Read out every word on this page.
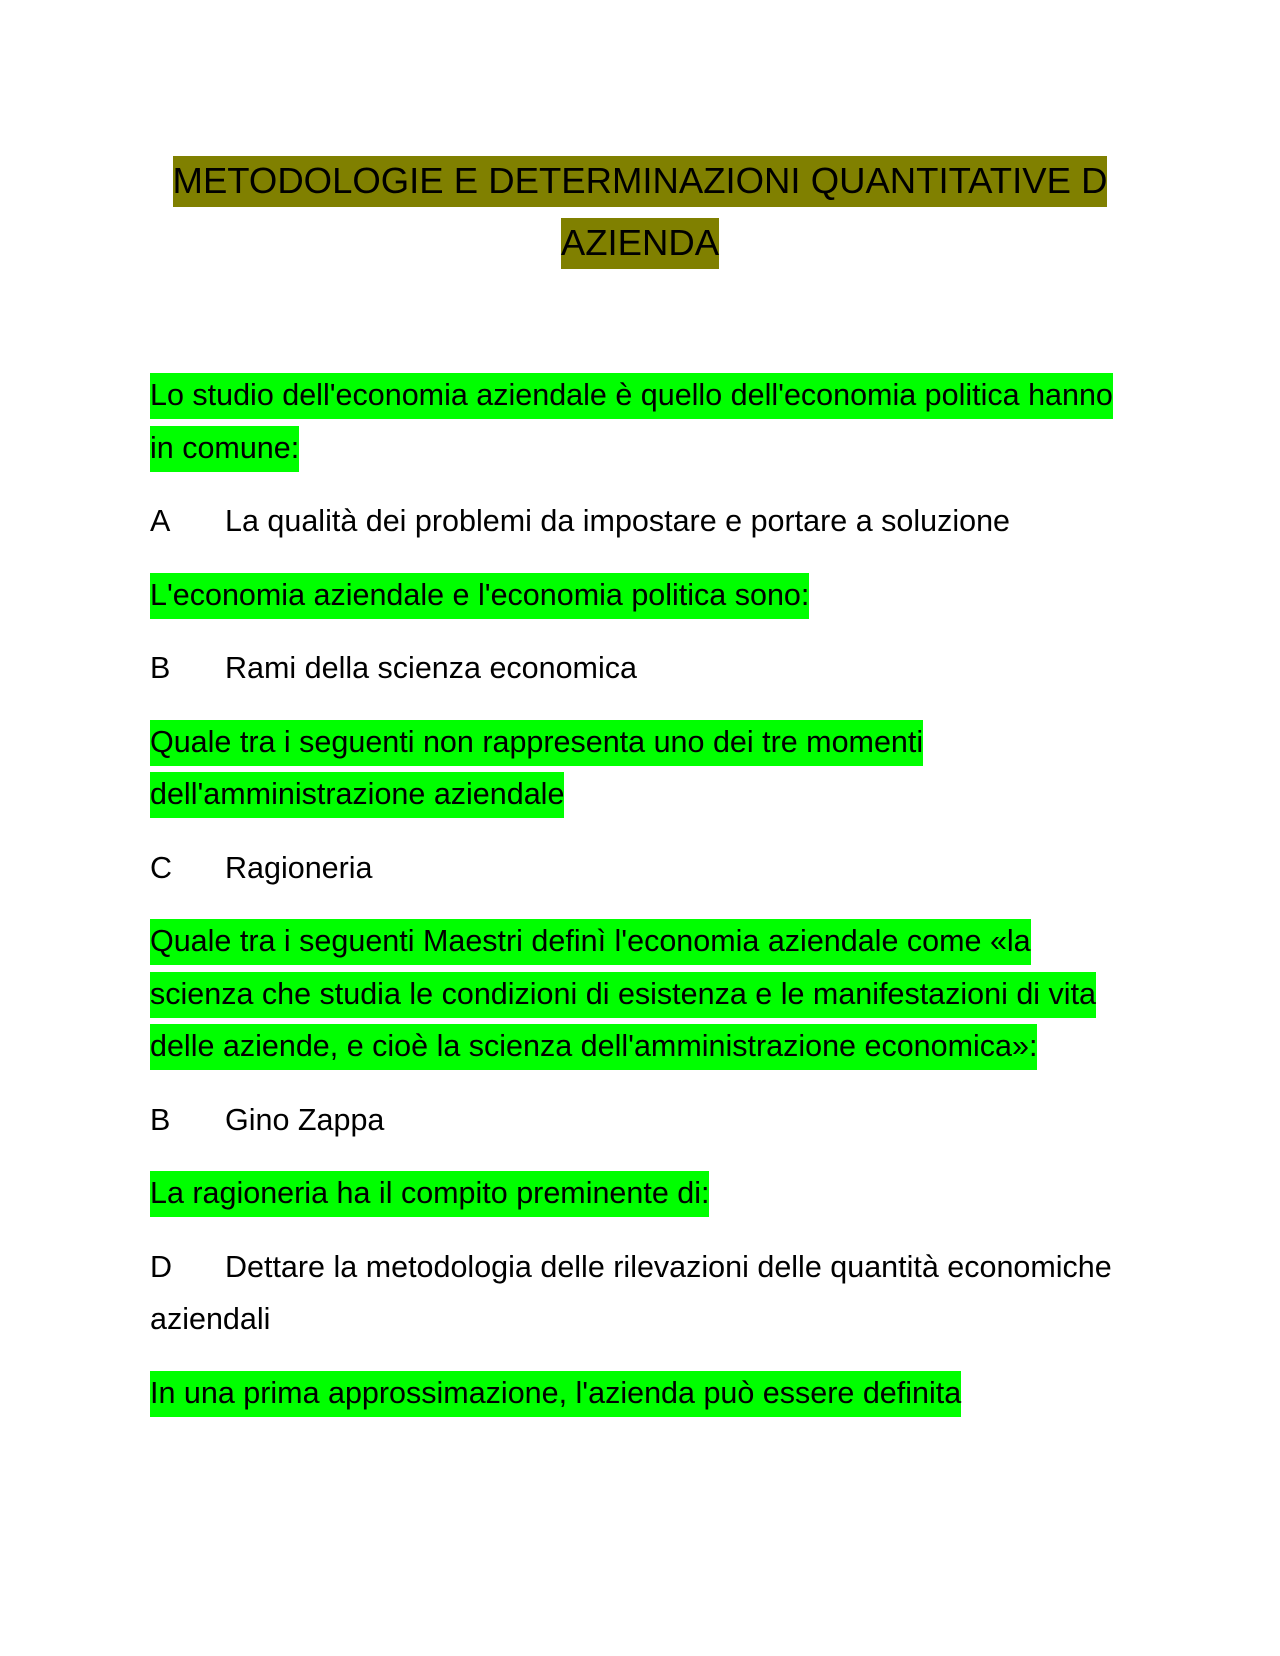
METODOLOGIE E DETERMINAZIONI QUANTITATIVE D AZIENDA

Lo studio dell'economia aziendale è quello dell'economia politica hanno in comune:

A La qualità dei problemi da impostare e portare a soluzione

L'economia aziendale e l'economia politica sono:

B Rami della scienza economica

Quale tra i seguenti non rappresenta uno dei tre momenti dell'amministrazione aziendale

C Ragioneria

Quale tra i seguenti Maestri definì l'economia aziendale come «la scienza che studia le condizioni di esistenza e le manifestazioni di vita delle aziende, e cioè la scienza dell'amministrazione economica»:

B Gino Zappa

La ragioneria ha il compito preminente di:

D Dettare la metodologia delle rilevazioni delle quantità economiche aziendali

In una prima approssimazione, l'azienda può essere definita
